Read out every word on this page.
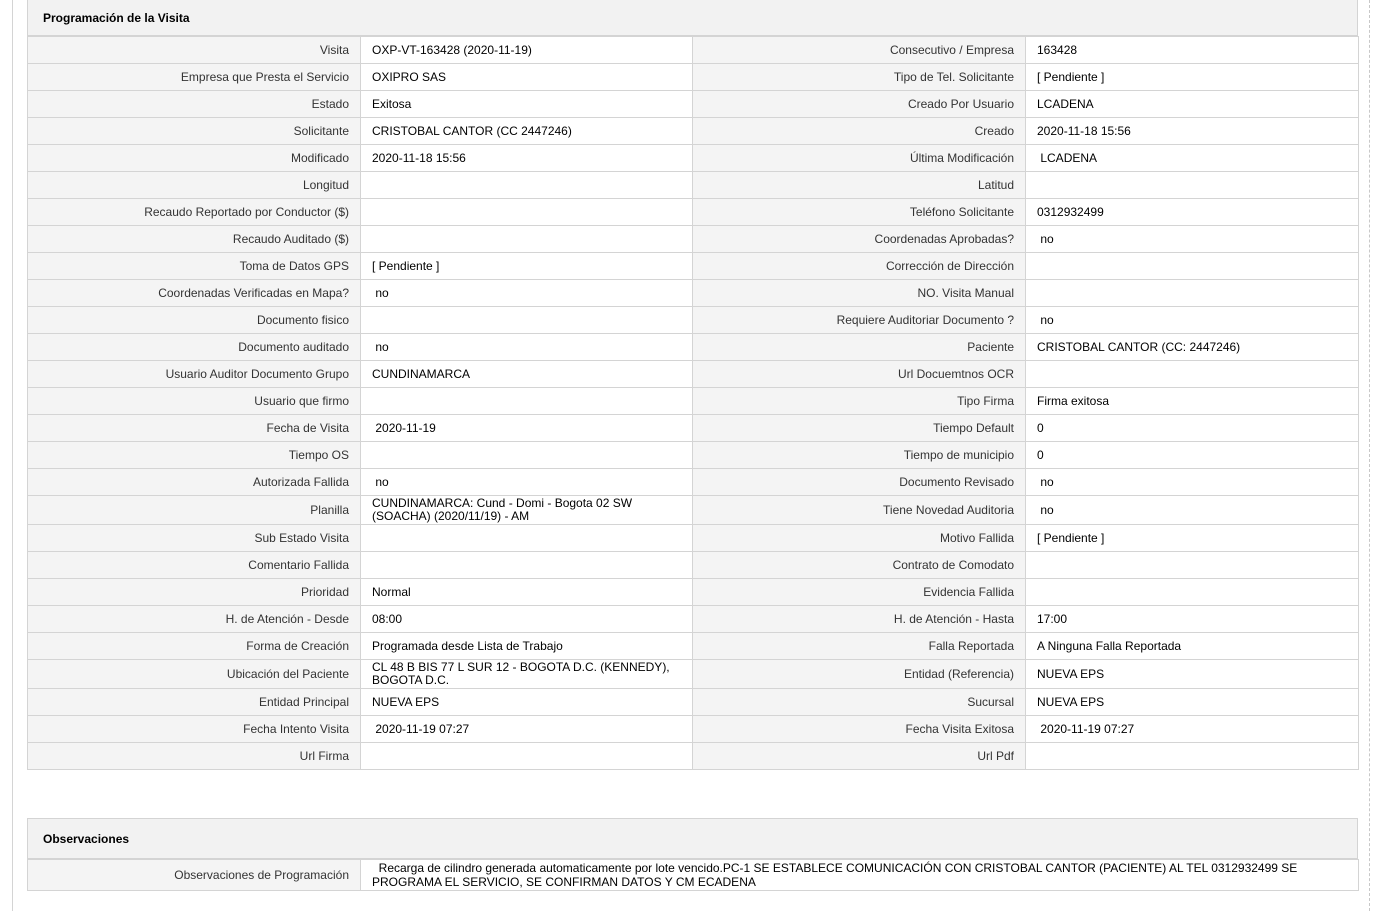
Programación de la Visita
Visita	OXP-VT-163428 (2020-11-19)	Consecutivo / Empresa	163428
Empresa que Presta el Servicio	OXIPRO SAS	Tipo de Tel. Solicitante	[ Pendiente ]
Estado	Exitosa	Creado Por Usuario	LCADENA
Solicitante	CRISTOBAL CANTOR (CC 2447246)	Creado	2020-11-18 15:56
Modificado	2020-11-18 15:56	Última Modificación	LCADENA
Longitud		Latitud	
Recaudo Reportado por Conductor ($)		Teléfono Solicitante	0312932499
Recaudo Auditado ($)		Coordenadas Aprobadas?	no
Toma de Datos GPS	[ Pendiente ]	Corrección de Dirección	
Coordenadas Verificadas en Mapa?	no	NO. Visita Manual	
Documento fisico		Requiere Auditoriar Documento ?	no
Documento auditado	no	Paciente	CRISTOBAL CANTOR (CC: 2447246)
Usuario Auditor Documento Grupo	CUNDINAMARCA	Url Docuemtnos OCR	
Usuario que firmo		Tipo Firma	Firma exitosa
Fecha de Visita	2020-11-19	Tiempo Default	0
Tiempo OS		Tiempo de municipio	0
Autorizada Fallida	no	Documento Revisado	no
Planilla	CUNDINAMARCA: Cund - Domi - Bogota 02 SW (SOACHA) (2020/11/19) - AM	Tiene Novedad Auditoria	no
Sub Estado Visita		Motivo Fallida	[ Pendiente ]
Comentario Fallida		Contrato de Comodato	
Prioridad	Normal	Evidencia Fallida	
H. de Atención - Desde	08:00	H. de Atención - Hasta	17:00
Forma de Creación	Programada desde Lista de Trabajo	Falla Reportada	A Ninguna Falla Reportada
Ubicación del Paciente	CL 48 B BIS 77 L SUR 12 - BOGOTA D.C. (KENNEDY), BOGOTA D.C.	Entidad (Referencia)	NUEVA EPS
Entidad Principal	NUEVA EPS	Sucursal	NUEVA EPS
Fecha Intento Visita	2020-11-19 07:27	Fecha Visita Exitosa	2020-11-19 07:27
Url Firma		Url Pdf	
Observaciones
Observaciones de Programación	Recarga de cilindro generada automaticamente por lote vencido.PC-1 SE ESTABLECE COMUNICACIÓN CON CRISTOBAL CANTOR (PACIENTE) AL TEL 0312932499 SE PROGRAMA EL SERVICIO, SE CONFIRMAN DATOS Y CM ECADENA
